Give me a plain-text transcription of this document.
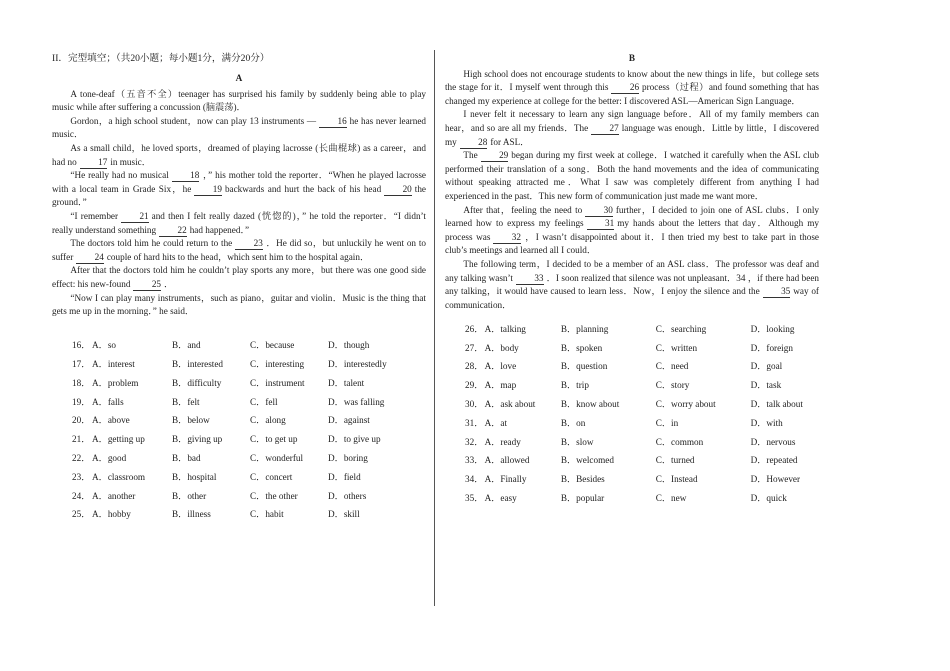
II．完型填空；（共20小题；每小题1分，满分20分）
A

A tone-deaf（五音不全）teenager has surprised his family by suddenly being able to play music while after suffering a concussion (脑震荡)．

Gordon，a high school student，now can play 13 instruments — 16 he has never learned music．

As a small child，he loved sports，dreamed of playing lacrosse (长曲棍球) as a career，and had no 17 in music．

“He really had no musical 18 ，” his mother told the reporter．“When he played lacrosse with a local team in Grade Six，he 19 backwards and hurt the back of his head 20 the ground．”

“I remember 21 and then I felt really dazed (恍惚的)，” he told the reporter．“I didn’t really understand something 22 had happened．”

The doctors told him he could return to the 23 ．He did so，but unluckily he went on to suffer 24 couple of hard hits to the head，which sent him to the hospital again．

After that the doctors told him he couldn’t play sports any more，but there was one good side effect: his new-found 25 ．

“Now I can play many instruments，such as piano，guitar and violin．Music is the thing that gets me up in the morning．” he said．

16． A．so	B．and	C．because	D．though
17． A．interest	B．interested	C．interesting	D．interestedly
18． A．problem	B．difficulty	C．instrument	D．talent
19． A．falls	B．felt	C．fell	D．was falling
20． A．above	B．below	C．along	D．against
21． A．getting up	B．giving up	C．to get up	D．to give up
22． A．good	B．bad	C．wonderful	D．boring
23． A．classroom	B．hospital	C．concert	D．field
24． A．another	B．other	C．the other	D．others
25． A．hobby	B．illness	C．habit	D．skill
B

High school does not encourage students to know about the new things in life，but college sets the stage for it．I myself went through this 26 process（过程）and found something that has changed my experience at college for the better: I discovered ASL—American Sign Language．

I never felt it necessary to learn any sign language before．All of my family members can hear，and so are all my friends．The 27 language was enough．Little by little，I discovered my 28 for ASL．

The 29 began during my first week at college．I watched it carefully when the ASL club performed their translation of a song．Both the hand movements and the idea of communicating without speaking attracted me．What I saw was completely different from anything I had experienced in the past．This new form of communication just made me want more．

After that，feeling the need to 30 further，I decided to join one of ASL clubs．I only learned how to express my feelings 31 my hands about the letters that day．Although my process was 32 ，I wasn’t disappointed about it．I then tried my best to take part in those club’s meetings and learned all I could．

The following term，I decided to be a member of an ASL class．The professor was deaf and any talking wasn’t 33 ．I soon realized that silence was not unpleasant．34 ，if there had been any talking，it would have caused to learn less．Now，I enjoy the silence and the 35 way of communication．

26． A．talking	B．planning	C．searching	D．looking
27． A．body	B．spoken	C．written	D．foreign
28． A．love	B．question	C．need	D．goal
29． A．map	B．trip	C．story	D．task
30． A．ask about	B．know about	C．worry about	D．talk about
31． A．at	B．on	C．in	D．with
32． A．ready	B．slow	C．common	D．nervous
33． A．allowed	B．welcomed	C．turned	D．repeated
34． A．Finally	B．Besides	C．Instead	D．However
35． A．easy	B．popular	C．new	D．quick
